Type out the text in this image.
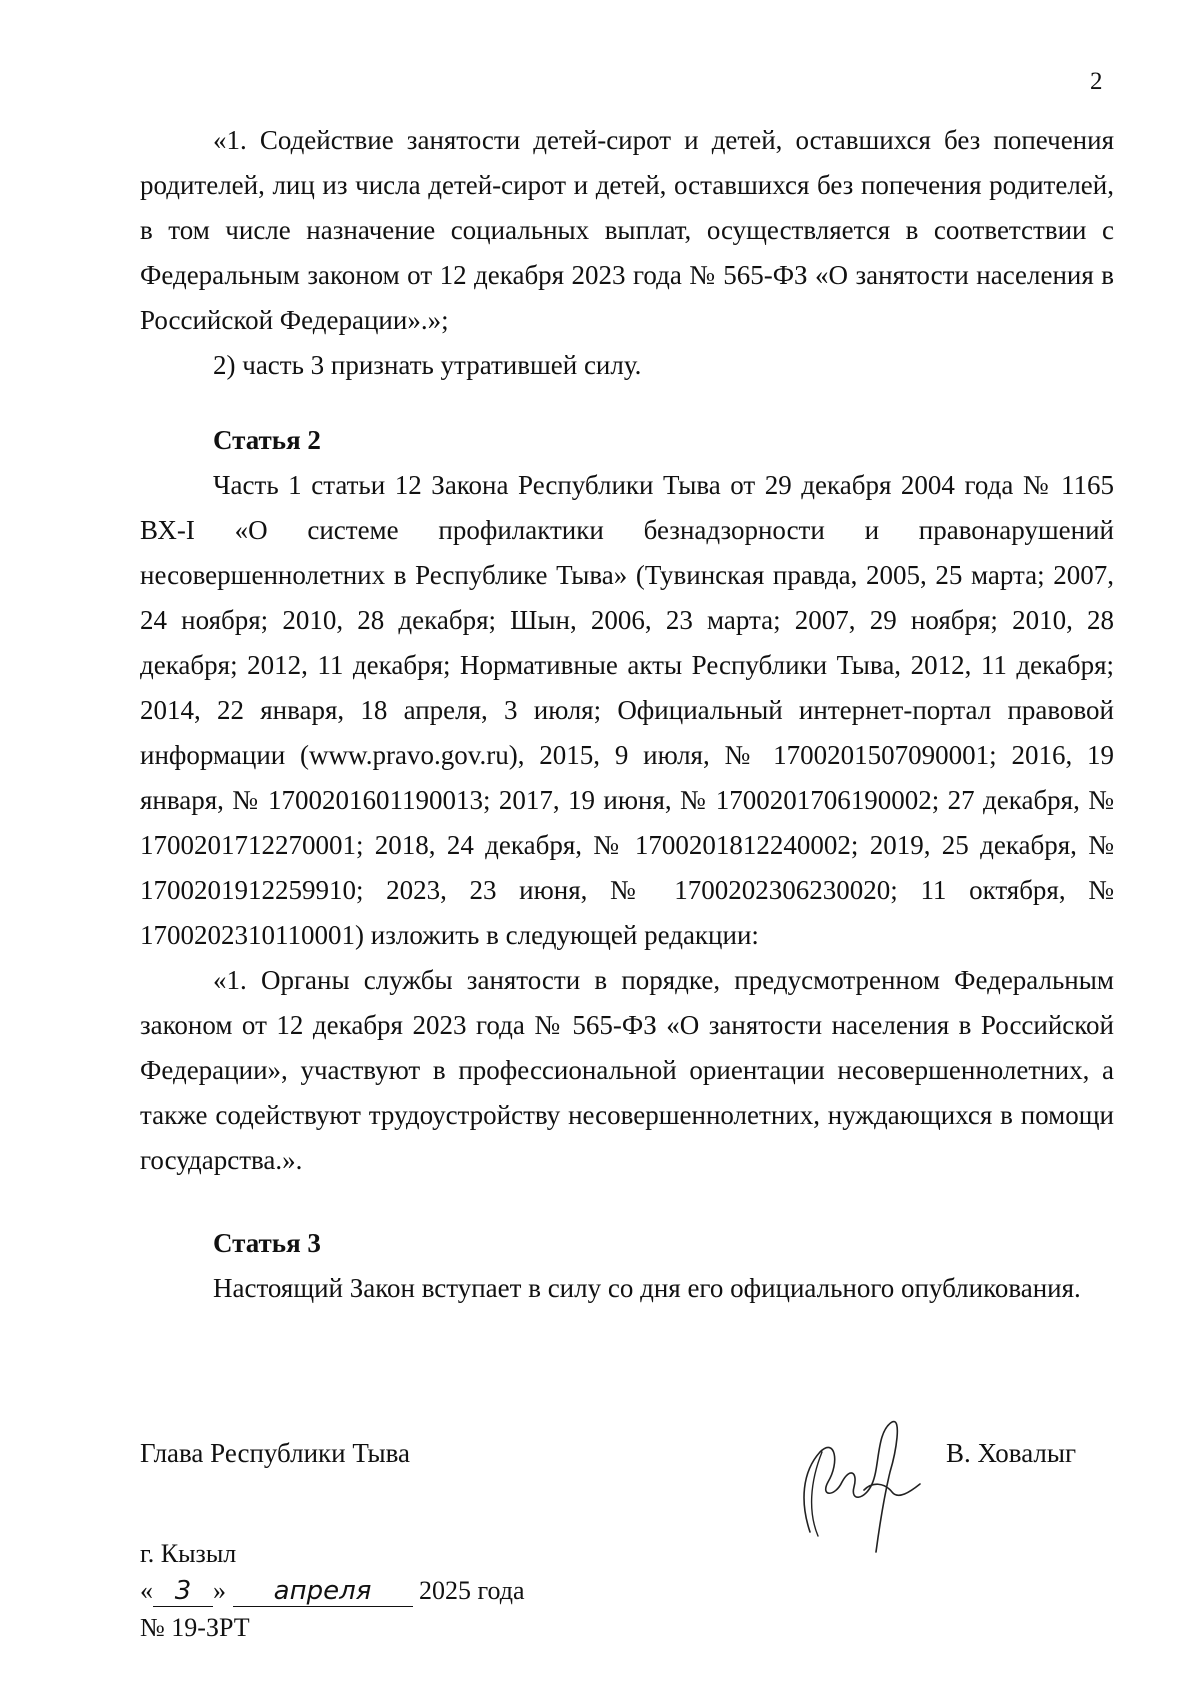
2

«1. Содействие занятости детей-сирот и детей, оставшихся без попечения родителей, лиц из числа детей-сирот и детей, оставшихся без попечения родителей, в том числе назначение социальных выплат, осуществляется в соответствии с Федеральным законом от 12 декабря 2023 года № 565-ФЗ «О занятости населения в Российской Федерации».»;

2) часть 3 признать утратившей силу.

Статья 2

Часть 1 статьи 12 Закона Республики Тыва от 29 декабря 2004 года № 1165 ВХ-I «О системе профилактики безнадзорности и правонарушений несовершеннолетних в Республике Тыва» (Тувинская правда, 2005, 25 марта; 2007, 24 ноября; 2010, 28 декабря; Шын, 2006, 23 марта; 2007, 29 ноября; 2010, 28 декабря; 2012, 11 декабря; Нормативные акты Республики Тыва, 2012, 11 декабря; 2014, 22 января, 18 апреля, 3 июля; Официальный интернет-портал правовой информации (www.pravo.gov.ru), 2015, 9 июля, № 1700201507090001; 2016, 19 января, № 1700201601190013; 2017, 19 июня, № 1700201706190002; 27 декабря, № 1700201712270001; 2018, 24 декабря, № 1700201812240002; 2019, 25 декабря, № 1700201912259910; 2023, 23 июня, № 1700202306230020; 11 октября, № 1700202310110001) изложить в следующей редакции:

«1. Органы службы занятости в порядке, предусмотренном Федеральным законом от 12 декабря 2023 года № 565-ФЗ «О занятости населения в Российской Федерации», участвуют в профессиональной ориентации несовершеннолетних, а также содействуют трудоустройству несовершеннолетних, нуждающихся в помощи государства.».

Статья 3

Настоящий Закон вступает в силу со дня его официального опубликования.

Глава Республики Тыва	В. Ховалыг
г. Кызыл
« 3 » апреля 2025 года
№ 19-ЗРТ
